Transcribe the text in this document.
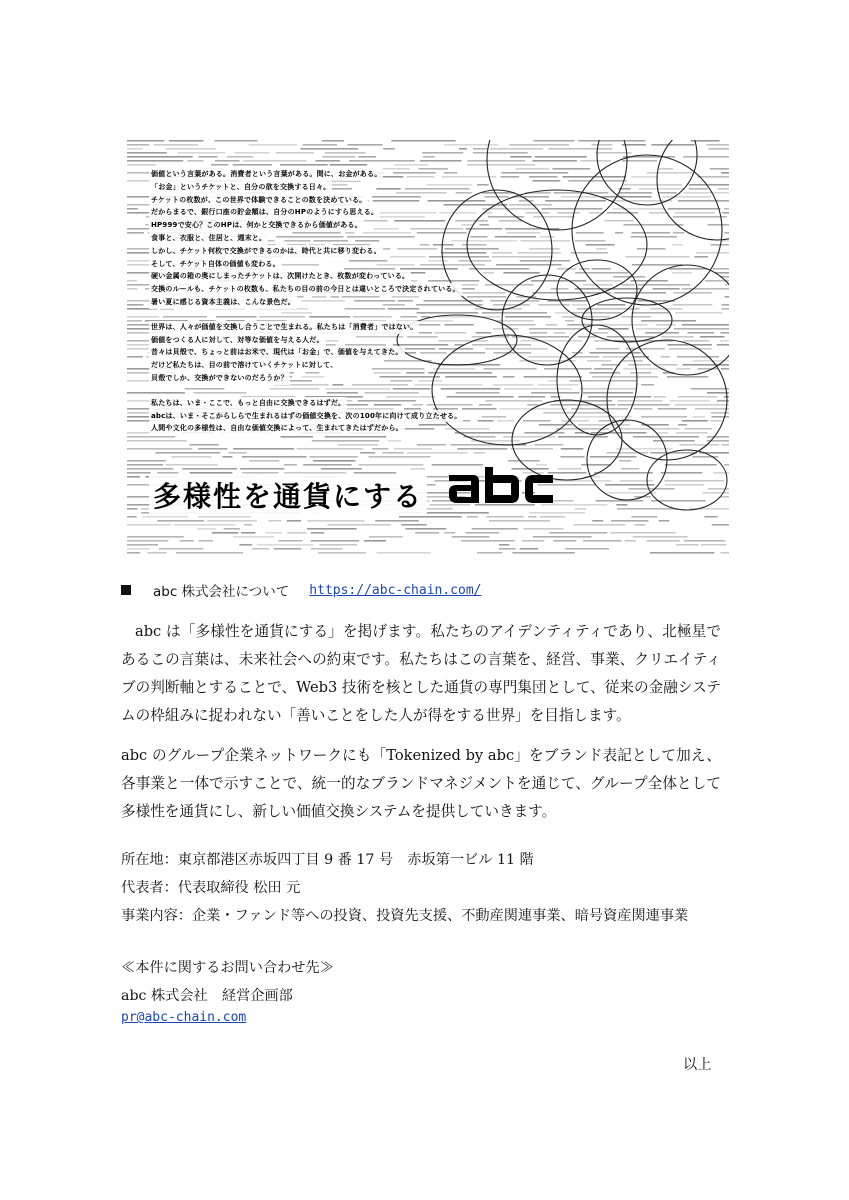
価値という言葉がある。消費者という言葉がある。間に、お金がある。
「お金」というチケットと、自分の欲を交換する日々。
チケットの枚数が、この世界で体験できることの数を決めている。
だからまるで、銀行口座の貯金額は、自分のHPのようにすら思える。
HP999で安心？このHPは、何かと交換できるから価値がある。
食事と、衣服と、住居と、週末と。
しかし、チケット何枚で交換ができるのかは、時代と共に移り変わる。
そして、チケット自体の価値も変わる。
硬い金属の箱の奥にしまったチケットは、次開けたとき、枚数が変わっている。
交換のルールも、チケットの枚数も、私たちの目の前の今日とは違いところで決定されている。
暑い夏に感じる資本主義は、こんな景色だ。
世界は、人々が価値を交換し合うことで生まれる。私たちは「消費者」ではない。
価値をつくる人に対して、対等な価値を与える人だ。
昔々は貝殻で、ちょっと前はお米で、現代は「お金」で、価値を与えてきた。
だけど私たちは、目の前で溶けていくチケットに対して、
貝殻でしか、交換ができないのだろうか？
私たちは、いま・ここで、もっと自由に交換できるはずだ。
abcは、いま・そこからしらで生まれるはずの価値交換を、次の100年に向けて成り立たせる。
人間や文化の多様性は、自由な価値交換によって、生まれてきたはずだから。
多様性を通貨にする
abc 株式会社について https://abc-chain.com/

abc は「多様性を通貨にする」を掲げます。私たちのアイデンティティであり、北極星であるこの言葉は、未来社会への約束です。私たちはこの言葉を、経営、事業、クリエイティブの判断軸とすることで、Web3 技術を核とした通貨の専門集団として、従来の金融システムの枠組みに捉われない「善いことをした人が得をする世界」を目指します。

abc のグループ企業ネットワークにも「Tokenized by abc」をブランド表記として加え、各事業と一体で示すことで、統一的なブランドマネジメントを通じて、グループ全体として多様性を通貨にし、新しい価値交換システムを提供していきます。

所在地：東京都港区赤坂四丁目 9 番 17 号　赤坂第一ビル 11 階
代表者：代表取締役 松田 元
事業内容：企業・ファンド等への投資、投資先支援、不動産関連事業、暗号資産関連事業
≪本件に関するお問い合わせ先≫
abc 株式会社　経営企画部
pr@abc-chain.com
以上
